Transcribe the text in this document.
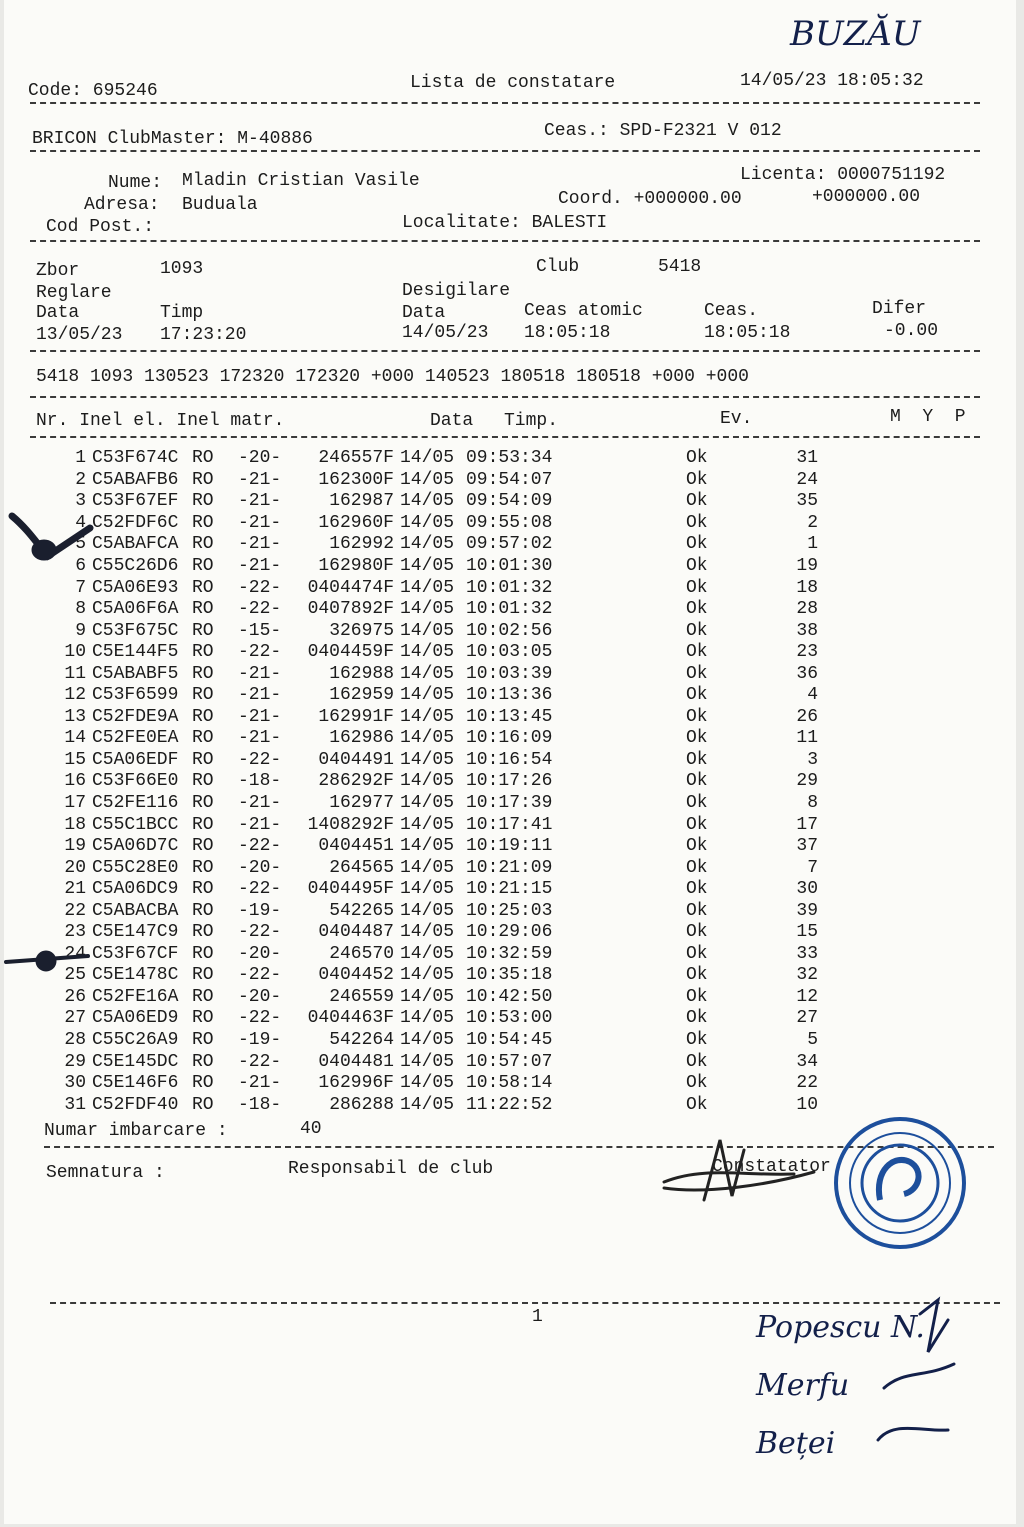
BUZĂU
Code: 695246	Lista de constatare	14/05/23 18:05:32
BRICON ClubMaster: M-40886	Ceas.: SPD-F2321 V 012
Nume: Mladin Cristian Vasile	Licenta: 0000751192
Adresa: Buduala	Coord. +000000.00	+000000.00
Cod Post.:	Localitate: BALESTI
Zbor	1093	Club	5418
Reglare	Desigilare
Data	Timp	Data	Ceas atomic	Ceas.	Difer
13/05/23 17:23:20	14/05/23 18:05:18	18:05:18	-0.00
5418 1093 130523 172320 172320 +000 140523 180518 180518 +000 +000
Nr. Inel el. Inel matr.	Data Timp.	Ev.	M  Y  P
1	C53F674C	RO	-20-	246557F	14/05	09:53:34	Ok	31
2	C5ABAFB6	RO	-21-	162300F	14/05	09:54:07	Ok	24
3	C53F67EF	RO	-21-	162987	14/05	09:54:09	Ok	35
4	C52FDF6C	RO	-21-	162960F	14/05	09:55:08	Ok	2
5	C5ABAFCA	RO	-21-	162992	14/05	09:57:02	Ok	1
6	C55C26D6	RO	-21-	162980F	14/05	10:01:30	Ok	19
7	C5A06E93	RO	-22-	0404474F	14/05	10:01:32	Ok	18
8	C5A06F6A	RO	-22-	0407892F	14/05	10:01:32	Ok	28
9	C53F675C	RO	-15-	326975	14/05	10:02:56	Ok	38
10	C5E144F5	RO	-22-	0404459F	14/05	10:03:05	Ok	23
11	C5ABABF5	RO	-21-	162988	14/05	10:03:39	Ok	36
12	C53F6599	RO	-21-	162959	14/05	10:13:36	Ok	4
13	C52FDE9A	RO	-21-	162991F	14/05	10:13:45	Ok	26
14	C52FE0EA	RO	-21-	162986	14/05	10:16:09	Ok	11
15	C5A06EDF	RO	-22-	0404491	14/05	10:16:54	Ok	3
16	C53F66E0	RO	-18-	286292F	14/05	10:17:26	Ok	29
17	C52FE116	RO	-21-	162977	14/05	10:17:39	Ok	8
18	C55C1BCC	RO	-21-	1408292F	14/05	10:17:41	Ok	17
19	C5A06D7C	RO	-22-	0404451	14/05	10:19:11	Ok	37
20	C55C28E0	RO	-20-	264565	14/05	10:21:09	Ok	7
21	C5A06DC9	RO	-22-	0404495F	14/05	10:21:15	Ok	30
22	C5ABACBA	RO	-19-	542265	14/05	10:25:03	Ok	39
23	C5E147C9	RO	-22-	0404487	14/05	10:29:06	Ok	15
24	C53F67CF	RO	-20-	246570	14/05	10:32:59	Ok	33
25	C5E1478C	RO	-22-	0404452	14/05	10:35:18	Ok	32
26	C52FE16A	RO	-20-	246559	14/05	10:42:50	Ok	12
27	C5A06ED9	RO	-22-	0404463F	14/05	10:53:00	Ok	27
28	C55C26A9	RO	-19-	542264	14/05	10:54:45	Ok	5
29	C5E145DC	RO	-22-	0404481	14/05	10:57:07	Ok	34
30	C5E146F6	RO	-21-	162996F	14/05	10:58:14	Ok	22
31	C52FDF40	RO	-18-	286288	14/05	11:22:52	Ok	10
Numar imbarcare :	40
Semnatura :	Responsabil de club	Constatator
1	Popescu N.
Merfu
Beței
